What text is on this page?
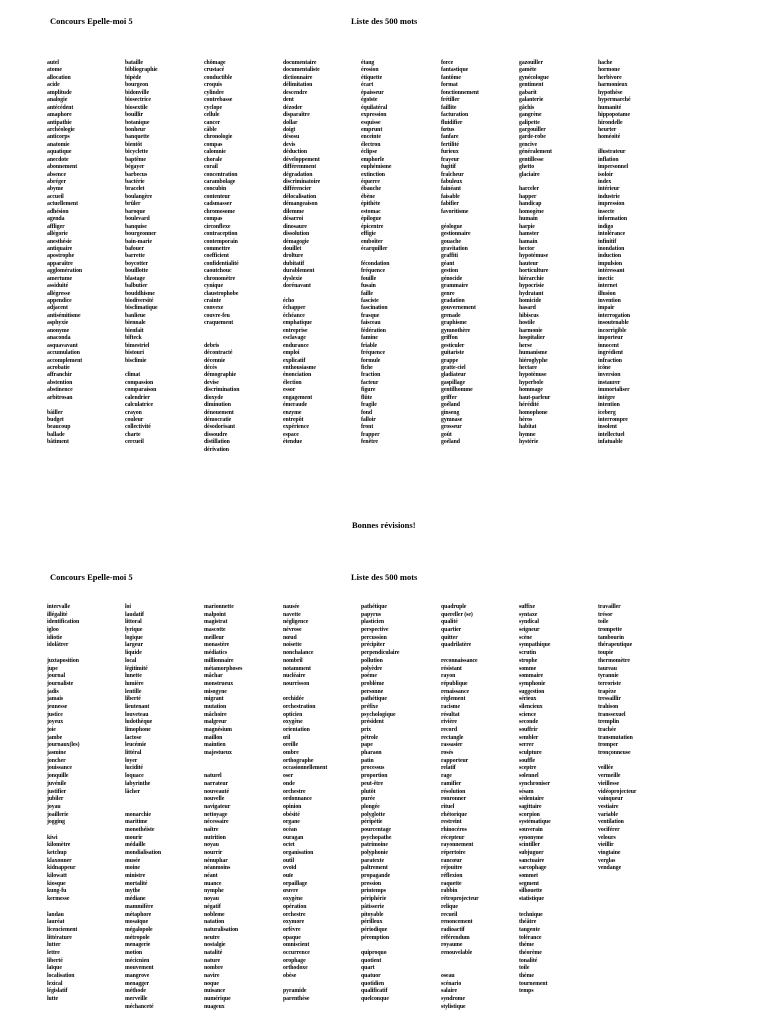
Concours Epelle-moi 5	Liste des 500 mots
autel
atome
allocation
acide
amplitude
analogie
antécédent
amaphore
antipathie
archéologie
anticorps
anatomie
aquatique
anecdote
abonnement
absence
abréger
abyme
accueil
actuellement
adhésion
agenda
affliger
allégorie
anesthésie
antiquaire
apostrophe
apparaître
agglomération
amertume
assiduité
allégresse
appendice
adjacent
antisémitisme
asphyxie
anonyme
anaconda
asquavavant
accumulation
accomplement
acrobatie
affranchir
abstention
abstinence
arbitrosan
bâiller
budget
beaucoup
ballade
bâtiment
bataille
bibliographie
bipède
bourgeon
bidonville
biosectrice
biosextile
bouillir
botanique
bonheur
banquette
bientôt
bicyclette
baptême
bégayer
barbecus
bactérie
bracelet
boulangère
brûler
baroque
boulevard
banquise
bourgeonner
bain-marie
bafouer
barrette
boycotter
bouillotte
blastage
balbutier
bouddhisme
biodiversité
bisclimatique
banlieue
biennale
bienfait
bifteck
bimestriel
bistouri
bisclimie
climat
compassion
comparaison
calendrier
calculatrice
crayon
couleur
collectivité
charte
cercueil
chômage
crustacé
conductible
croquis
cylindre
contrebasse
cyclope
cellule
cancer
câble
chronologie
compas
calomnie
chorale
corail
concentration
carambolage
concubin
contenteur
cadsmasser
chromosome
compas
circonflexe
contraception
contemporain
commettre
coefficient
confidentialité
caoutchouc
chronomètre
cynique
claustrophobe
crainte
convexe
couvre-feu
craquement
debris
décontracté
décennie
décès
démographie
devise
discrimination
dioxyde
diminution
dénouement
démocratie
désodorisant
dissoudre
distillation
dérivation
documentaire
documentaliste
dictionnaire
délimitation
descendre
dent
dézoder
disparaître
dollar
doigt
désosu
devis
déduction
développement
différemment
dégradation
discriminatoire
différencier
délocalisation
démangeaison
dilemme
désarroi
dinosaure
dissolution
démagogie
douillet
drolture
dubitatif
durablement
dyslexie
dorénavant
écho
échapper
échéance
emphatique
entreprise
esclavage
endurance
emploi
explicatif
enthousiasme
énonciation
élection
essor
engagement
émeraude
enzyme
entrepôt
expérience
espace
étendue
étang
érosion
étiquette
écart
épaisseur
égoïste
équilatéral
expression
esquisse
emprunt
enceinte
électron
éclipse
emphorle
euphémisme
extinction
équerre
ébauche
ébène
épithète
estomac
épilogue
épicentre
effigie
emboîter
écarquiller
fécondation
fréquence
fouille
fusain
faille
fasciste
fascination
frasque
faisceau
fédération
famine
friable
fréquence
formule
fiche
fraction
facteur
figure
flûte
fragile
fond
falloir
front
frapper
fenêtre
force
fantastique
fantôme
format
fonctionnement
frétiller
faillite
facturation
fluidifier
fœtus
fanfare
fertilité
furieux
frayeur
fugitif
fraîcheur
fabuleux
fainéant
faisable
fabifier
favoritisme
géologue
gestionnaire
gouache
gravitation
graffiti
géant
gestion
génocide
grammaire
genre
gradation
gouvernement
grenade
graphisme
gymnothère
griffon
gesticuler
guitariste
grappe
gratte-ciel
gladiateur
gaspillage
gentilhomme
griffer
goéland
ginseng
gymnase
grosseur
goût
goéland
gazouiller
gamète
gynécologue
gentiment
gabarit
galanterie
gâchis
gangrène
galipette
gargouiller
garde-robe
gencive
généralement
gentillesse
ghetto
glaciaire
harceler
happer
handicap
homogène
humain
harpie
hamster
hamain
hector
hypotémuse
hauteur
horticulture
hiérarchie
hypocrisie
hydratant
homicide
hasard
hibiscus
hostile
harmonie
hospitalier
herse
humanisme
hiéroglyphe
hectare
hypotènuse
hyperbole
hommage
haut-parleur
hérédité
homophone
héros
habitat
hymne
hystérie
hache
hormone
herbivore
harmonieux
hypothèse
hypermarché
humanité
hippopotame
hirondelle
heurter
homéoité
illustrateur
inflation
impersonnel
isoloir
index
intérieur
industrie
impression
insecte
information
indigo
intolérance
infinitif
inondation
induction
impulsion
intéressant
inectic
internet
illusion
invention
impair
interrogation
insoutenable
incorrigible
importeur
innocent
ingrédient
infraction
icône
inversion
instaurer
immortaliser
intègre
intention
iceberg
interrompre
insolent
intellectuel
infatuable
Bonnes révisions!
Concours Epelle-moi 5	Liste des 500 mots
intervalle
illégalité
identification
igloo
idiotie
idolâtrer
juxtaposition
jupe
journal
journaliste
jadis
jamais
jeunesse
justice
joyeux
joie
jambe
journaux(les)
jasmine
joncher
jouissance
jonquille
juvénile
justifier
jubiler
joyau
joaillerie
jogging
kiwi
kilomètre
ketchup
klaxonner
kidnappeur
kilowatt
kiosque
kung-fu
kermesse
landau
lauréat
licenciement
littérature
lutter
lettre
liberté
laïque
localisation
lexical
législatif
lutte
loi
laudatif
littoral
lyrique
logique
largeur
liquide
local
légitimité
lunette
lumière
lentille
liberté
lieutenant
louveteau
ludothèque
limophone
lactose
leucémie
littéral
loyer
lucidité
loquace
labyrinthe
lâcher
monarchie
maritime
monothéiste
mourir
médaille
mondialisation
musée
moine
ministre
mortalité
mythe
médiane
mammifère
métaphore
mosaïque
mégalopole
métropole
menagerie
motion
mécicnien
mouvement
mangrove
menagger
méthode
merveille
méchanceté
marionnette
malpoint
magistrat
mascotte
meilleur
monastère
médiatics
millionnaire
métamorphoses
mâchar
monstrueux
misogyne
migrant
mutation
mâchoire
malgreur
magnésium
maillon
maintien
majestueux
naturel
narrateur
nouveauté
nouvelle
navigateur
nettoyage
nécessaire
naître
nutrition
noyau
nourrir
nénuphar
néanmoins
néant
nuance
nymphe
noyau
négatif
nobleme
natation
naturalisation
neutre
nostalgie
natalité
nature
nombre
navire
noque
nuisance
numérique
nuageux
nausée
navette
négligence
névrose
nœud
noisette
nonchalance
nombril
notamment
nucléaire
nourrisson
orchidée
orchestration
opticien
oxygène
orientation
œil
oreille
ombre
orthographe
occasionnellement
oser
onde
orchestre
ordonnance
opinion
obésité
organe
océan
ouragan
octet
organisation
outil
ovoïd
ouïe
orpaillage
œuvre
oxygène
opération
orchestre
oxymore
orfèvre
opaque
omniscient
occurrence
orophage
orthodoxe
obèse
pyramide
parenthèse
pathétique
papyrus
plasticien
perspective
percussion
précipiter
perpendiculaire
pollution
polyèdre
poème
problème
personne
pathétique
préfixe
psychologique
président
prix
pétrole
pape
pharaon
patin
processus
proportion
peut-être
plutôt
purée
plongée
polyglotte
péripétie
pourcentage
psychopathe
patrimoine
polyphonie
paratexte
paltrement
propagande
pression
printemps
périphérie
pâtisserie
pitoyable
périlleux
périodique
péremption
quiproquo
quotient
quart
quatuor
quotidien
qualificatif
quelconque
quadruple
quereller (se)
qualité
quartier
quitter
quadrilatère
reconnaissance
résistant
rayon
république
renaissance
règlement
racisme
résultat
rivière
record
rectangle
rassasier
rosés
rapporteur
relatif
rage
ramifier
résolution
ronronner
rituel
rhétorique
restreint
rhinocéros
récepteur
rayonnement
répertoire
rancœur
réjouitre
réflexion
raquette
rabbin
rétroprojecteur
relique
recueil
renoncement
radioactif
référendum
royaume
renouvelable
oseau
scénario
salaire
syndrome
stylistique
suffixe
syntaxe
syndical
seigneur
scène
sympathique
scrutin
strophe
somme
sommaire
symphonie
suggestion
sérieux
silencieux
science
seconde
souffrir
sembler
serrer
sculpture
souffle
sceptre
solennel
synchroniser
sésam
sédentaire
sagittaire
scorpion
systématique
souverain
synonyme
scintiller
subjuguer
sanctuaire
sarcophage
sommet
segment
silhouette
statistique
technique
théâtre
tangente
tolérance
thème
théorème
tonalité
toile
thème
tournement
temps
travailler
trésor
toile
trompette
tambourin
thérapeutique
toupie
thermomètre
taureau
tyrannie
terroriste
trapèze
tressaillir
trahison
transsexuel
tremplin
trachée
transmutation
tromper
tronçonneuse
veillée
vermeille
vieillesse
vidéoprojecteur
vainqueur
vestiaire
variable
ventilation
vociférer
velours
vieillir
vingtaine
verglas
vendange
